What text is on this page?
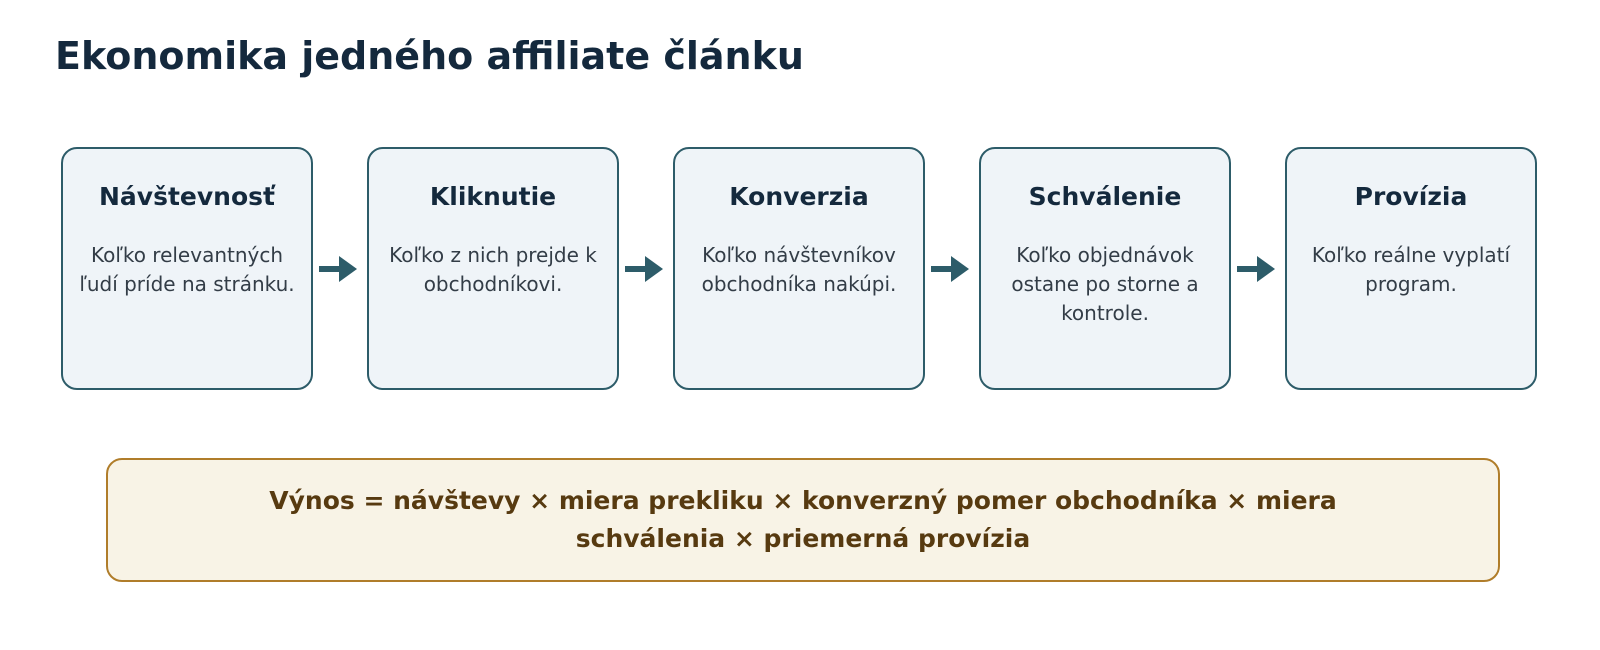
Ekonomika jedného affiliate článku
Návštevnosť
Koľko relevantných ľudí príde na stránku.
Kliknutie
Koľko z nich prejde k obchodníkovi.
Konverzia
Koľko návštevníkov obchodníka nakúpi.
Schválenie
Koľko objednávok ostane po storne a kontrole.
Provízia
Koľko reálne vyplatí program.
Výnos = návštevy × miera prekliku × konverzný pomer obchodníka × miera schválenia × priemerná provízia
